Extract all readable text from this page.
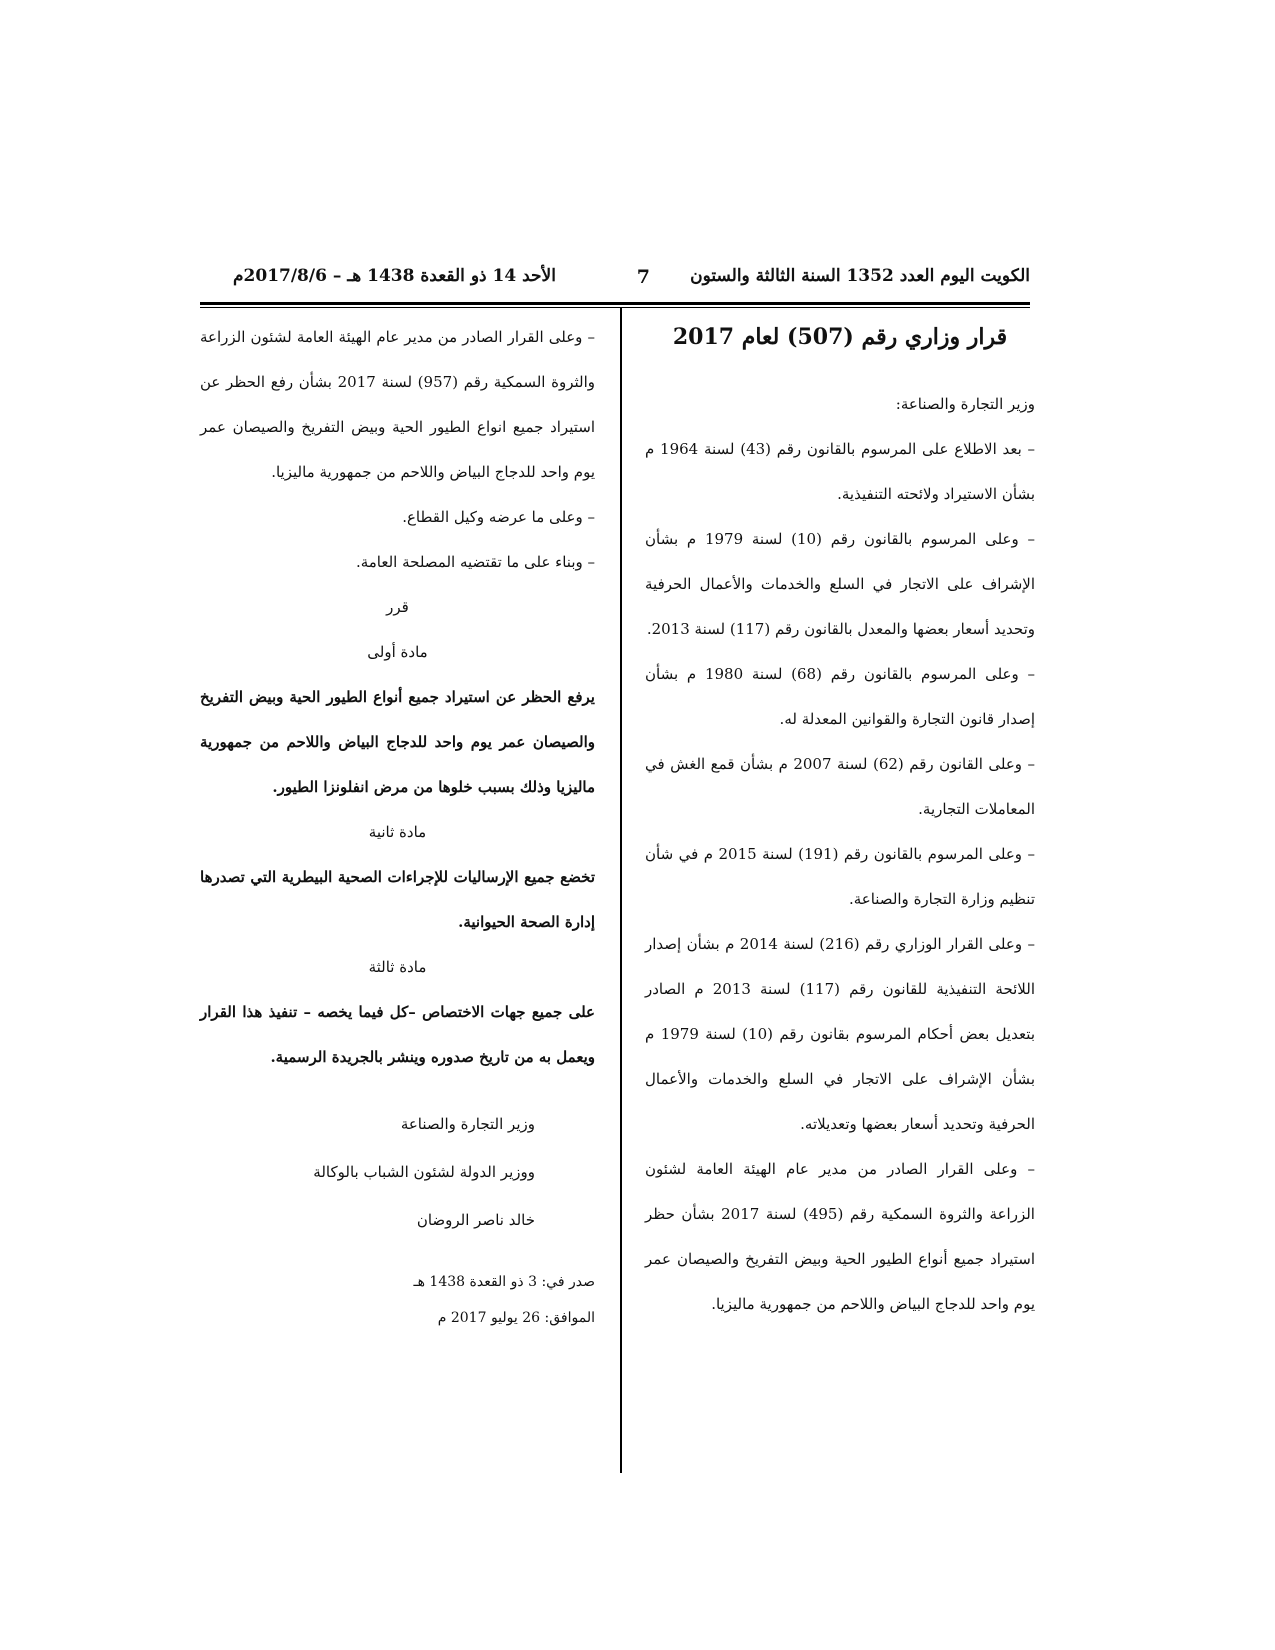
الكويت اليوم العدد 1352 السنة الثالثة والستون
7
الأحد 14 ذو القعدة 1438 هـ – 2017/8/6م

قرار وزاري رقم (507) لعام 2017

وزير التجارة والصناعة:

– بعد الاطلاع على المرسوم بالقانون رقم (43) لسنة 1964 م بشأن الاستيراد ولائحته التنفيذية.

– وعلى المرسوم بالقانون رقم (10) لسنة 1979 م بشأن الإشراف على الاتجار في السلع والخدمات والأعمال الحرفية وتحديد أسعار بعضها والمعدل بالقانون رقم (117) لسنة 2013.

– وعلى المرسوم بالقانون رقم (68) لسنة 1980 م بشأن إصدار قانون التجارة والقوانين المعدلة له.

– وعلى القانون رقم (62) لسنة 2007 م بشأن قمع الغش في المعاملات التجارية.

– وعلى المرسوم بالقانون رقم (191) لسنة 2015 م في شأن تنظيم وزارة التجارة والصناعة.

– وعلى القرار الوزاري رقم (216) لسنة 2014 م بشأن إصدار اللائحة التنفيذية للقانون رقم (117) لسنة 2013 م الصادر بتعديل بعض أحكام المرسوم بقانون رقم (10) لسنة 1979 م بشأن الإشراف على الاتجار في السلع والخدمات والأعمال الحرفية وتحديد أسعار بعضها وتعديلاته.

– وعلى القرار الصادر من مدير عام الهيئة العامة لشئون الزراعة والثروة السمكية رقم (495) لسنة 2017 بشأن حظر استيراد جميع أنواع الطيور الحية وبيض التفريخ والصيصان عمر يوم واحد للدجاج البياض واللاحم من جمهورية ماليزيا.

– وعلى القرار الصادر من مدير عام الهيئة العامة لشئون الزراعة والثروة السمكية رقم (957) لسنة 2017 بشأن رفع الحظر عن استيراد جميع انواع الطيور الحية وبيض التفريخ والصيصان عمر يوم واحد للدجاج البياض واللاحم من جمهورية ماليزيا.

– وعلى ما عرضه وكيل القطاع.

– وبناء على ما تقتضيه المصلحة العامة.

قرر

مادة أولى

يرفع الحظر عن استيراد جميع أنواع الطيور الحية وبيض التفريخ والصيصان عمر يوم واحد للدجاج البياض واللاحم من جمهورية ماليزيا وذلك بسبب خلوها من مرض انفلونزا الطيور.

مادة ثانية

تخضع جميع الإرساليات للإجراءات الصحية البيطرية التي تصدرها إدارة الصحة الحيوانية.

مادة ثالثة

على جميع جهات الاختصاص –كل فيما يخصه – تنفيذ هذا القرار ويعمل به من تاريخ صدوره وينشر بالجريدة الرسمية.

وزير التجارة والصناعة

ووزير الدولة لشئون الشباب بالوكالة

خالد ناصر الروضان

صدر في: 3 ذو القعدة 1438 هـ

الموافق: 26 يوليو 2017 م
